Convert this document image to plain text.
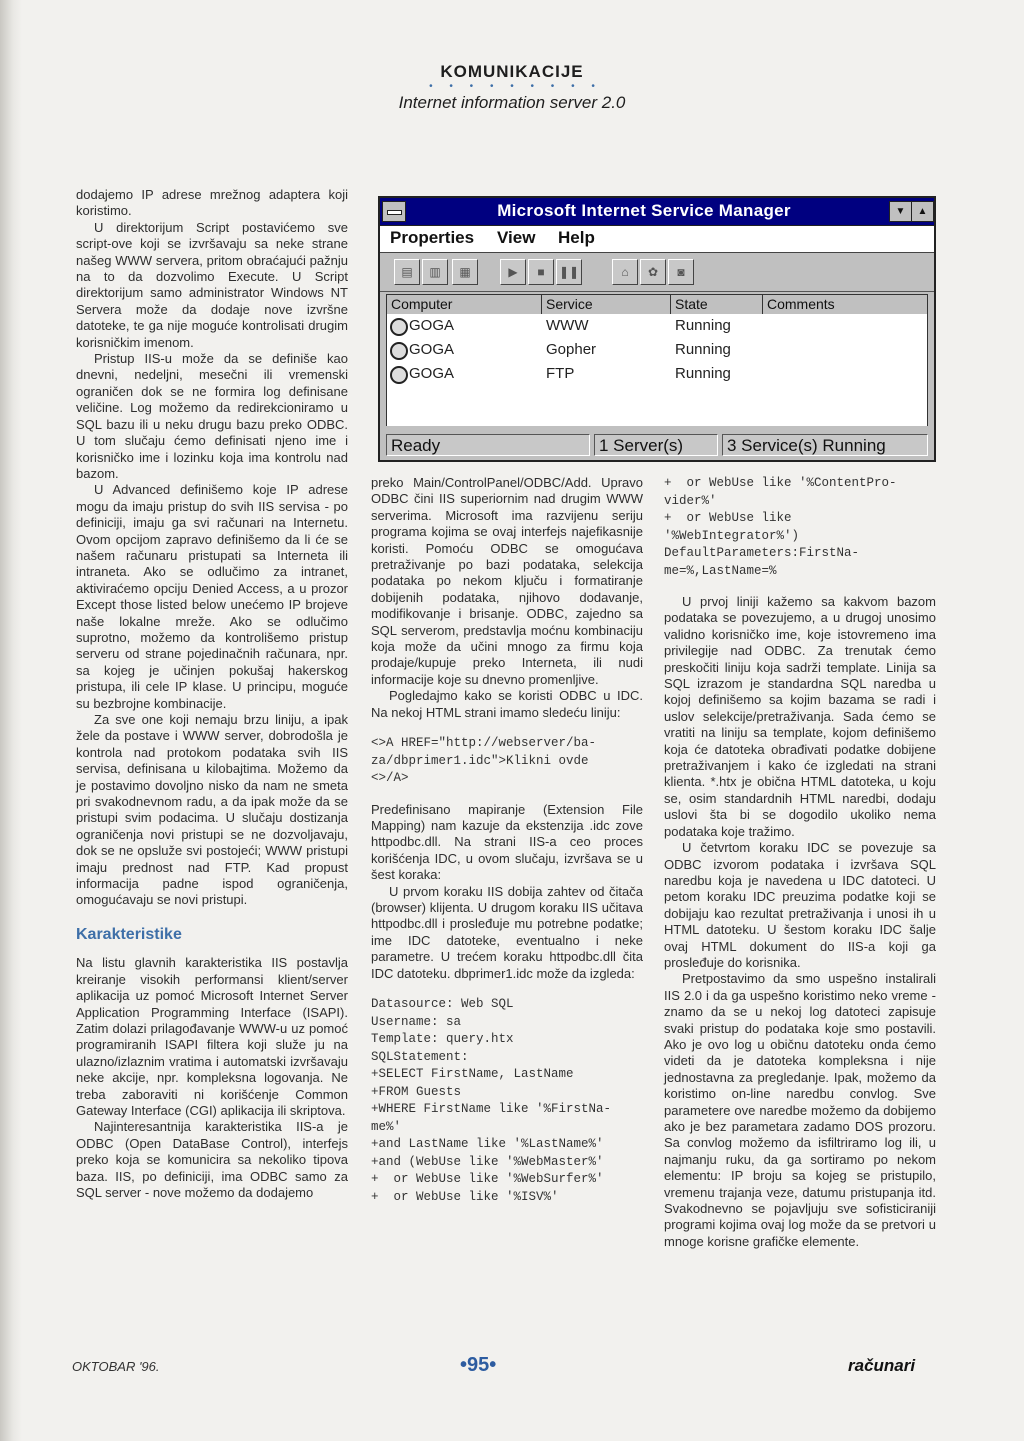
KOMUNIKACIJE
• • • • • • • • •
Internet information server 2.0

dodajemo IP adrese mrežnog adaptera koji koristimo.

U direktorijum Script postavićemo sve script-ove koji se izvršavaju sa neke strane našeg WWW servera, pritom obraćajući pažnju na to da dozvolimo Execute. U Script direktorijum samo administrator Windows NT Servera može da dodaje nove izvršne datoteke, te ga nije moguće kontrolisati drugim korisničkim imenom.

Pristup IIS-u može da se definiše kao dnevni, nedeljni, mesečni ili vremenski ograničen dok se ne formira log definisane veličine. Log možemo da redirekcioniramo u SQL bazu ili u neku drugu bazu preko ODBC. U tom slučaju ćemo definisati njeno ime i korisničko ime i lozinku koja ima kontrolu nad bazom.

U Advanced definišemo koje IP adrese mogu da imaju pristup do svih IIS servisa - po definiciji, imaju ga svi računari na Internetu. Ovom opcijom zapravo definišemo da li će se našem računaru pristupati sa Interneta ili intraneta. Ako se odlučimo za intranet, aktiviraćemo opciju Denied Access, a u prozor Except those listed below unećemo IP brojeve naše lokalne mreže. Ako se odlučimo suprotno, možemo da kontrolišemo pristup serveru od strane pojedinačnih računara, npr. sa kojeg je učinjen pokušaj hakerskog pristupa, ili cele IP klase. U principu, moguće su bezbrojne kombinacije.

Za sve one koji nemaju brzu liniju, a ipak žele da postave i WWW server, dobrodošla je kontrola nad protokom podataka svih IIS servisa, definisana u kilobajtima. Možemo da je postavimo dovoljno nisko da nam ne smeta pri svakodnevnom radu, a da ipak može da se pristupi svim podacima. U slučaju dostizanja ograničenja novi pristupi se ne dozvoljavaju, dok se ne opsluže svi postojeći; WWW pristupi imaju prednost nad FTP. Kad propust informacija padne ispod ograničenja, omogućavaju se novi pristupi.

Karakteristike

Na listu glavnih karakteristika IIS postavlja kreiranje visokih performansi klient/server aplikacija uz pomoć Microsoft Internet Server Application Programming Interface (ISAPI). Zatim dolazi prilagođavanje WWW-u uz pomoć programiranih ISAPI filtera koji služe ju na ulazno/izlaznim vratima i automatski izvršavaju neke akcije, npr. kompleksna logovanja. Ne treba zaboraviti ni korišćenje Common Gateway Interface (CGI) aplikacija ili skriptova.

Najinteresantnija karakteristika IIS-a je ODBC (Open DataBase Control), interfejs preko koja se komunicira sa nekoliko tipova baza. IIS, po definiciji, ima ODBC samo za SQL server - nove možemo da dodajemo

Microsoft Internet Service Manager	▼	▲
Properties View Help
▤	▥	▦	▶	■	❚❚	⌂	✿	◙
Computer	Service	State	Comments
GOGA	WWW	Running
GOGA	Gopher	Running
GOGA	FTP	Running
Ready	1 Server(s)	3 Service(s) Running

preko Main/ControlPanel/ODBC/Add. Upravo ODBC čini IIS superiornim nad drugim WWW serverima. Microsoft ima razvijenu seriju programa kojima se ovaj interfejs najefikasnije koristi. Pomoću ODBC se omogućava pretraživanje po bazi podataka, selekcija podataka po nekom ključu i formatiranje dobijenih podataka, njihovo dodavanje, modifikovanje i brisanje. ODBC, zajedno sa SQL serverom, predstavlja moćnu kombinaciju koja može da učini mnogo za firmu koja prodaje/kupuje preko Interneta, ili nudi informacije koje su dnevno promenljive.

Pogledajmo kako se koristi ODBC u IDC. Na nekoj HTML strani imamo sledeću liniju:

<>A HREF="http://webserver/ba-
za/dbprimer1.idc">Klikni ovde
<>/A>

Predefinisano mapiranje (Extension File Mapping) nam kazuje da ekstenzija .idc zove httpodbc.dll. Na strani IIS-a ceo proces korišćenja IDC, u ovom slučaju, izvršava se u šest koraka:

U prvom koraku IIS dobija zahtev od čitača (browser) klijenta. U drugom koraku IIS učitava httpodbc.dll i prosleđuje mu potrebne podatke; ime IDC datoteke, eventualno i neke parametre. U trećem koraku httpodbc.dll čita IDC datoteku. dbprimer1.idc može da izgleda:

Datasource: Web SQL
Username: sa
Template: query.htx
SQLStatement:
+SELECT FirstName, LastName
+FROM Guests
+WHERE FirstName like '%FirstNa-
me%'
+and LastName like '%LastName%'
+and (WebUse like '%WebMaster%'
+  or WebUse like '%WebSurfer%'
+  or WebUse like '%ISV%'
+  or WebUse like '%ContentPro-
vider%'
+  or WebUse like
'%WebIntegrator%')
DefaultParameters:FirstNa-
me=%,LastName=%

U prvoj liniji kažemo sa kakvom bazom podataka se povezujemo, a u drugoj unosimo validno korisničko ime, koje istovremeno ima privilegije nad ODBC. Za trenutak ćemo preskočiti liniju koja sadrži template. Linija sa SQL izrazom je standardna SQL naredba u kojoj definišemo sa kojim bazama se radi i uslov selekcije/pretraživanja. Sada ćemo se vratiti na liniju sa template, kojom definišemo koja će datoteka obrađivati podatke dobijene pretraživanjem i kako će izgledati na strani klienta. *.htx je obična HTML datoteka, u koju se, osim standardnih HTML naredbi, dodaju uslovi šta bi se dogodilo ukoliko nema podataka koje tražimo.

U četvrtom koraku IDC se povezuje sa ODBC izvorom podataka i izvršava SQL naredbu koja je navedena u IDC datoteci. U petom koraku IDC preuzima podatke koji se dobijaju kao rezultat pretraživanja i unosi ih u HTML datoteku. U šestom koraku IDC šalje ovaj HTML dokument do IIS-a koji ga prosleđuje do korisnika.

Pretpostavimo da smo uspešno instalirali IIS 2.0 i da ga uspešno koristimo neko vreme - znamo da se u nekoj log datoteci zapisuje svaki pristup do podataka koje smo postavili. Ako je ovo log u običnu datoteku onda ćemo videti da je datoteka kompleksna i nije jednostavna za pregledanje. Ipak, možemo da koristimo on-line naredbu convlog. Sve parametere ove naredbe možemo da dobijemo ako je bez parametara zadamo DOS prozoru. Sa convlog možemo da isfiltriramo log ili, u najmanju ruku, da ga sortiramo po nekom elementu: IP broju sa kojeg se pristupilo, vremenu trajanja veze, datumu pristupanja itd. Svakodnevno se pojavljuju sve sofisticiraniji programi kojima ovaj log može da se pretvori u mnoge korisne grafičke elemente.

OKTOBAR '96.	•95•	računari
